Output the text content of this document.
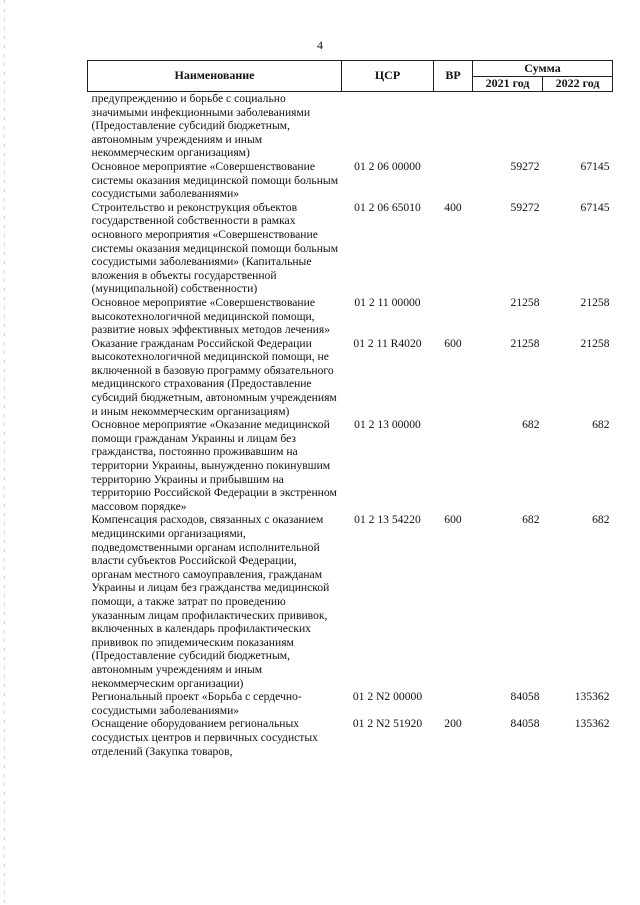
4
Наименование	ЦСР	ВР	Сумма	
			2021 год	2022 год
предупреждению и борьбе с социально значимыми инфекционными заболеваниями (Предоставление субсидий бюджетным, автономным учреждениям и иным некоммерческим организациям)				
Основное мероприятие «Совершенствование системы оказания медицинской помощи больным сосудистыми заболеваниями»	01 2 06 00000		59272	67145
Строительство и реконструкция объектов государственной собственности в рамках основного мероприятия «Совершенствование системы оказания медицинской помощи больным сосудистыми заболеваниями» (Капитальные вложения в объекты государственной (муниципальной) собственности)	01 2 06 65010	400	59272	67145
Основное мероприятие «Совершенствование высокотехнологичной медицинской помощи, развитие новых эффективных методов лечения»	01 2 11 00000		21258	21258
Оказание гражданам Российской Федерации высокотехнологичной медицинской помощи, не включенной в базовую программу обязательного медицинского страхования (Предоставление субсидий бюджетным, автономным учреждениям и иным некоммерческим организациям)	01 2 11 R4020	600	21258	21258
Основное мероприятие «Оказание медицинской помощи гражданам Украины и лицам без гражданства, постоянно проживавшим на территории Украины, вынужденно покинувшим территорию Украины и прибывшим на территорию Российской Федерации в экстренном массовом порядке»	01 2 13 00000		682	682
Компенсация расходов, связанных с оказанием медицинскими организациями, подведомственными органам исполнительной власти субъектов Российской Федерации, органам местного самоуправления, гражданам Украины и лицам без гражданства медицинской помощи, а также затрат по проведению указанным лицам профилактических прививок, включенных в календарь профилактических прививок по эпидемическим показаниям (Предоставление субсидий бюджетным, автономным учреждениям и иным некоммерческим организации)	01 2 13 54220	600	682	682
Региональный проект «Борьба с сердечно-сосудистыми заболеваниями»	01 2 N2 00000		84058	135362
Оснащение оборудованием региональных сосудистых центров и первичных сосудистых отделений (Закупка товаров,	01 2 N2 51920	200	84058	135362
